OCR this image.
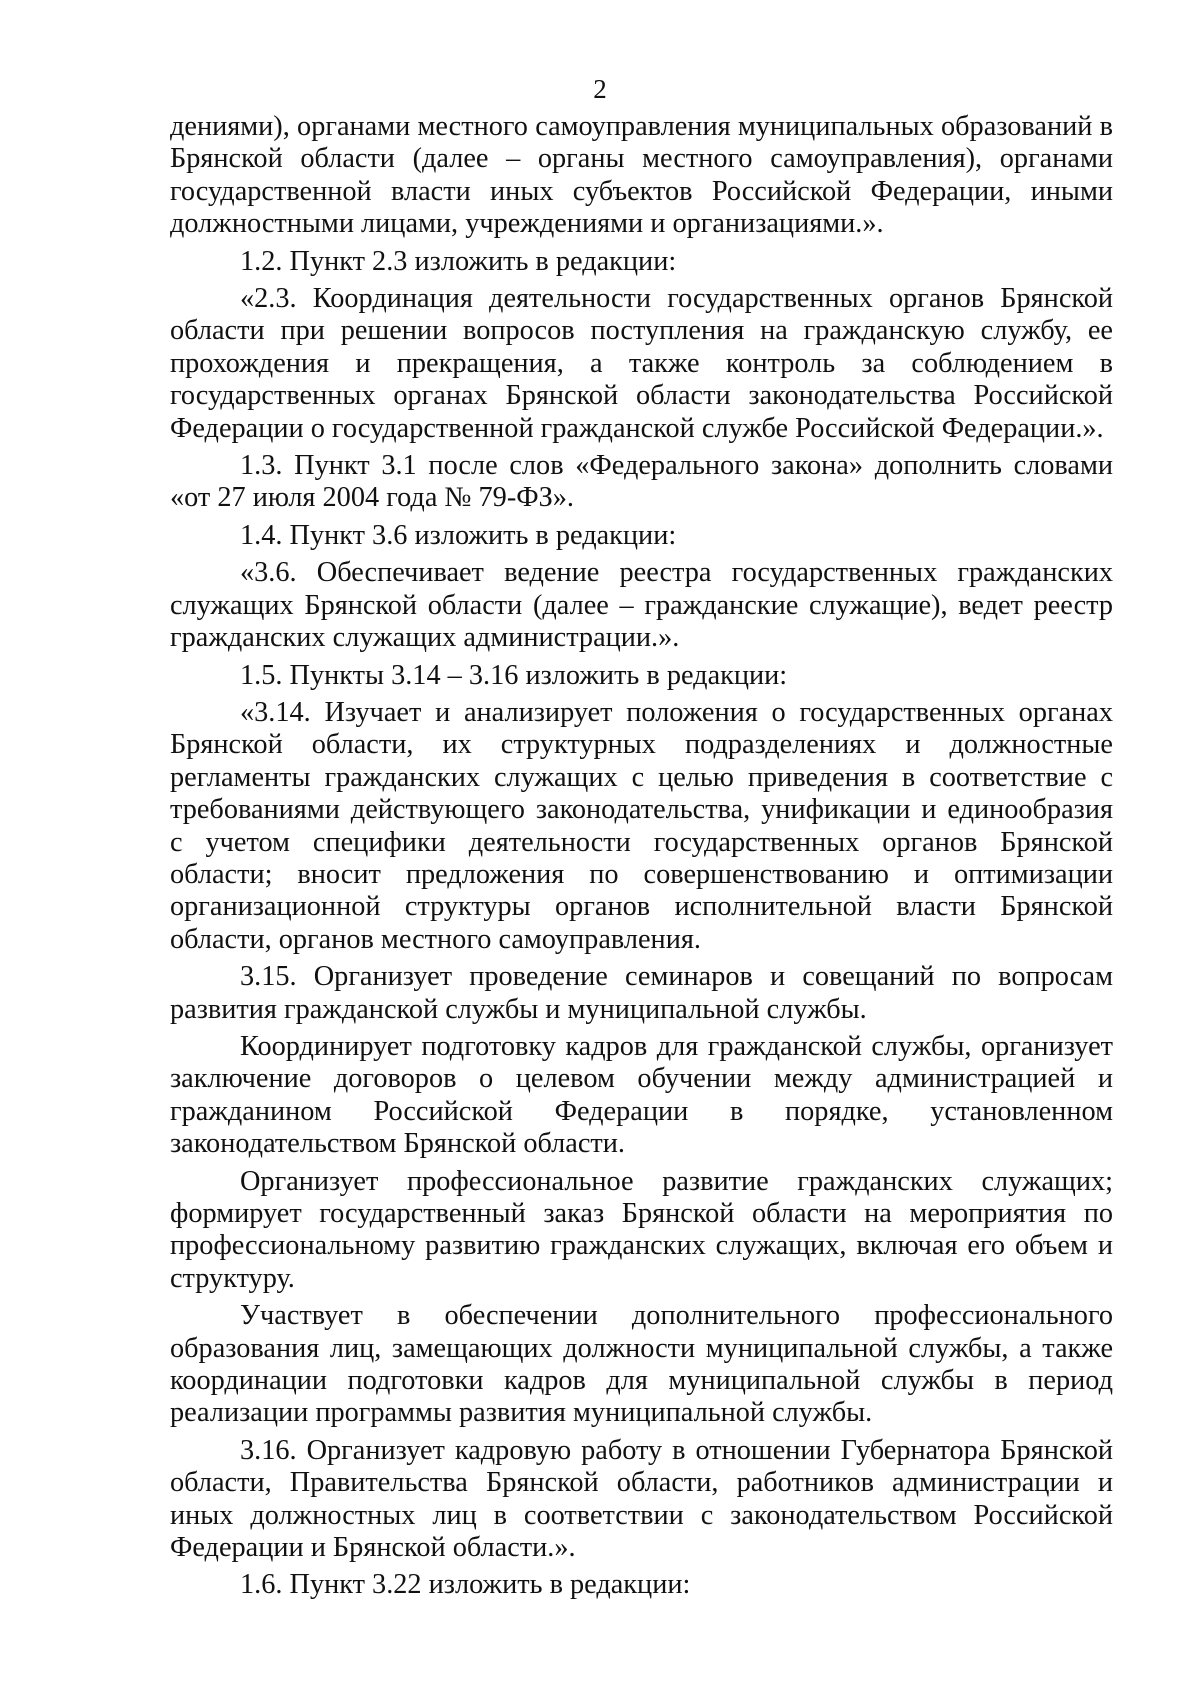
2

дениями), органами местного самоуправления муниципальных образований в Брянской области (далее – органы местного самоуправления), органами государственной власти иных субъектов Российской Федерации, иными должностными лицами, учреждениями и организациями.».

1.2. Пункт 2.3 изложить в редакции:

«2.3. Координация деятельности государственных органов Брянской области при решении вопросов поступления на гражданскую службу, ее прохождения и прекращения, а также контроль за соблюдением в государственных органах Брянской области законодательства Российской Федерации о государственной гражданской службе Российской Федерации.».

1.3. Пункт 3.1 после слов «Федерального закона» дополнить словами «от 27 июля 2004 года № 79-ФЗ».

1.4. Пункт 3.6 изложить в редакции:

«3.6. Обеспечивает ведение реестра государственных гражданских служащих Брянской области (далее – гражданские служащие), ведет реестр гражданских служащих администрации.».

1.5. Пункты 3.14 – 3.16 изложить в редакции:

«3.14. Изучает и анализирует положения о государственных органах Брянской области, их структурных подразделениях и должностные регламенты гражданских служащих с целью приведения в соответствие с требованиями действующего законодательства, унификации и единообразия с учетом специфики деятельности государственных органов Брянской области; вносит предложения по совершенствованию и оптимизации организационной структуры органов исполнительной власти Брянской области, органов местного самоуправления.

3.15. Организует проведение семинаров и совещаний по вопросам развития гражданской службы и муниципальной службы.

Координирует подготовку кадров для гражданской службы, организует заключение договоров о целевом обучении между администрацией и гражданином Российской Федерации в порядке, установленном законодательством Брянской области.

Организует профессиональное развитие гражданских служащих; формирует государственный заказ Брянской области на мероприятия по профессиональному развитию гражданских служащих, включая его объем и структуру.

Участвует в обеспечении дополнительного профессионального образования лиц, замещающих должности муниципальной службы, а также координации подготовки кадров для муниципальной службы в период реализации программы развития муниципальной службы.

3.16. Организует кадровую работу в отношении Губернатора Брянской области, Правительства Брянской области, работников администрации и иных должностных лиц в соответствии с законодательством Российской Федерации и Брянской области.».

1.6. Пункт 3.22 изложить в редакции:
